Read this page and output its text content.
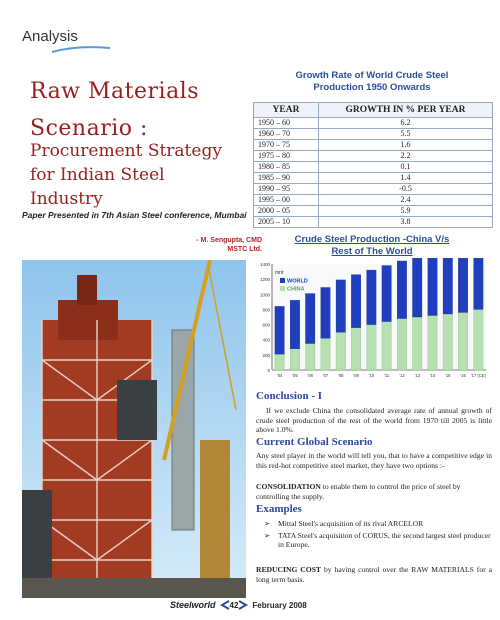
Analysis
Raw Materials
Scenario :
Procurement Strategy
for Indian Steel
Industry
Paper Presented in 7th Asian Steel conference, Mumbai
- M. Sengupta, CMD
MSTC Ltd.
Growth Rate of World Crude Steel
Production 1950 Onwards
YEAR	GROWTH IN % PER YEAR
1950 – 60	6.2
1960 – 70	5.5
1970 – 75	1.6
1975 – 80	2.2
1980 – 85	0.1
1985 – 90	1.4
1990 – 95	-0.5
1995 – 00	2.4
2000 – 05	5.9
2005 – 10	3.8
Crude Steel Production -China V/s
Rest of The World
0
200
400
600
800
1000
1200
1400
mnt
'04 '05 '06 '07 '08 '09 '10 '11 '12 '13 '14 '15 '16 '17 (CE)
WORLD
CHINA
Conclusion - I
If we exclude China the consolidated average rate of annual growth of crude steel production of the rest of the world from 1970 till 2005 is little above 1.0%.
Current Global Scenario
Any steel player in the world will tell you, that to have a competitive edge in this red-hot competitive steel market, they have two options :-
CONSOLIDATION to enable them to control the price of steel by controlling the supply.
Examples
➢	Mittal Steel's acquisition of its rival ARCELOR
➢	TATA Steel's acquisition of CORUS, the second largest steel producer in Europe.
REDUCING COST by having control over the RAW MATERIALS for a long term basis.
Steelworld 42 February 2008
